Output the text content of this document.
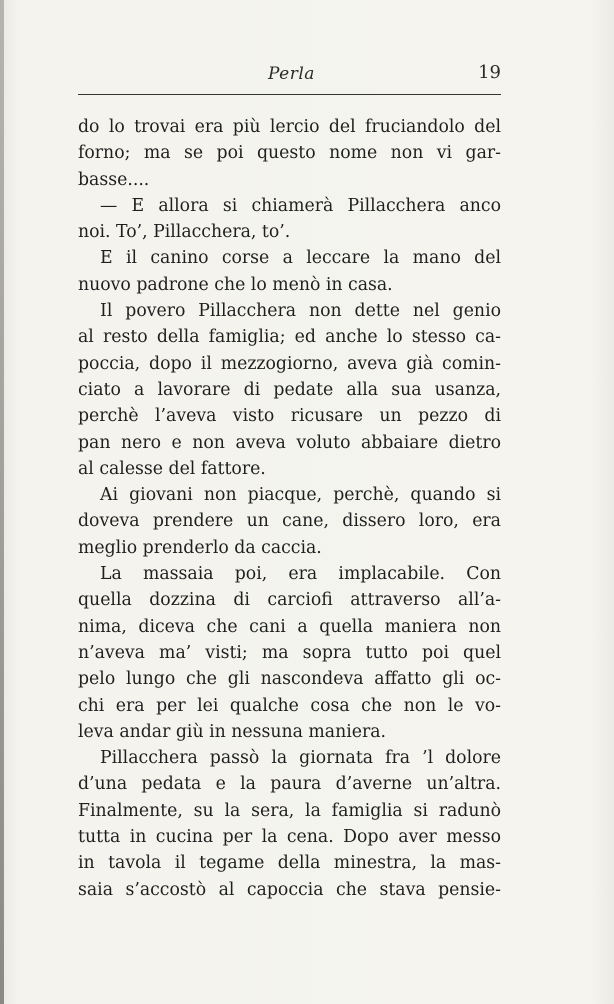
Perla	19
do lo trovai era più lercio del fruciandolo del
forno; ma se poi questo nome non vi gar-
basse....
— E allora si chiamerà Pillacchera anco
noi. To’, Pillacchera, to’.
E il canino corse a leccare la mano del
nuovo padrone che lo menò in casa.
Il povero Pillacchera non dette nel genio
al resto della famiglia; ed anche lo stesso ca-
poccia, dopo il mezzogiorno, aveva già comin-
ciato a lavorare di pedate alla sua usanza,
perchè l’aveva visto ricusare un pezzo di
pan nero e non aveva voluto abbaiare dietro
al calesse del fattore.
Ai giovani non piacque, perchè, quando si
doveva prendere un cane, dissero loro, era
meglio prenderlo da caccia.
La massaia poi, era implacabile. Con
quella dozzina di carciofi attraverso all’a-
nima, diceva che cani a quella maniera non
n’aveva ma’ visti; ma sopra tutto poi quel
pelo lungo che gli nascondeva affatto gli oc-
chi era per lei qualche cosa che non le vo-
leva andar giù in nessuna maniera.
Pillacchera passò la giornata fra ’l dolore
d’una pedata e la paura d’averne un’altra.
Finalmente, su la sera, la famiglia si radunò
tutta in cucina per la cena. Dopo aver messo
in tavola il tegame della minestra, la mas-
saia s’accostò al capoccia che stava pensie-
